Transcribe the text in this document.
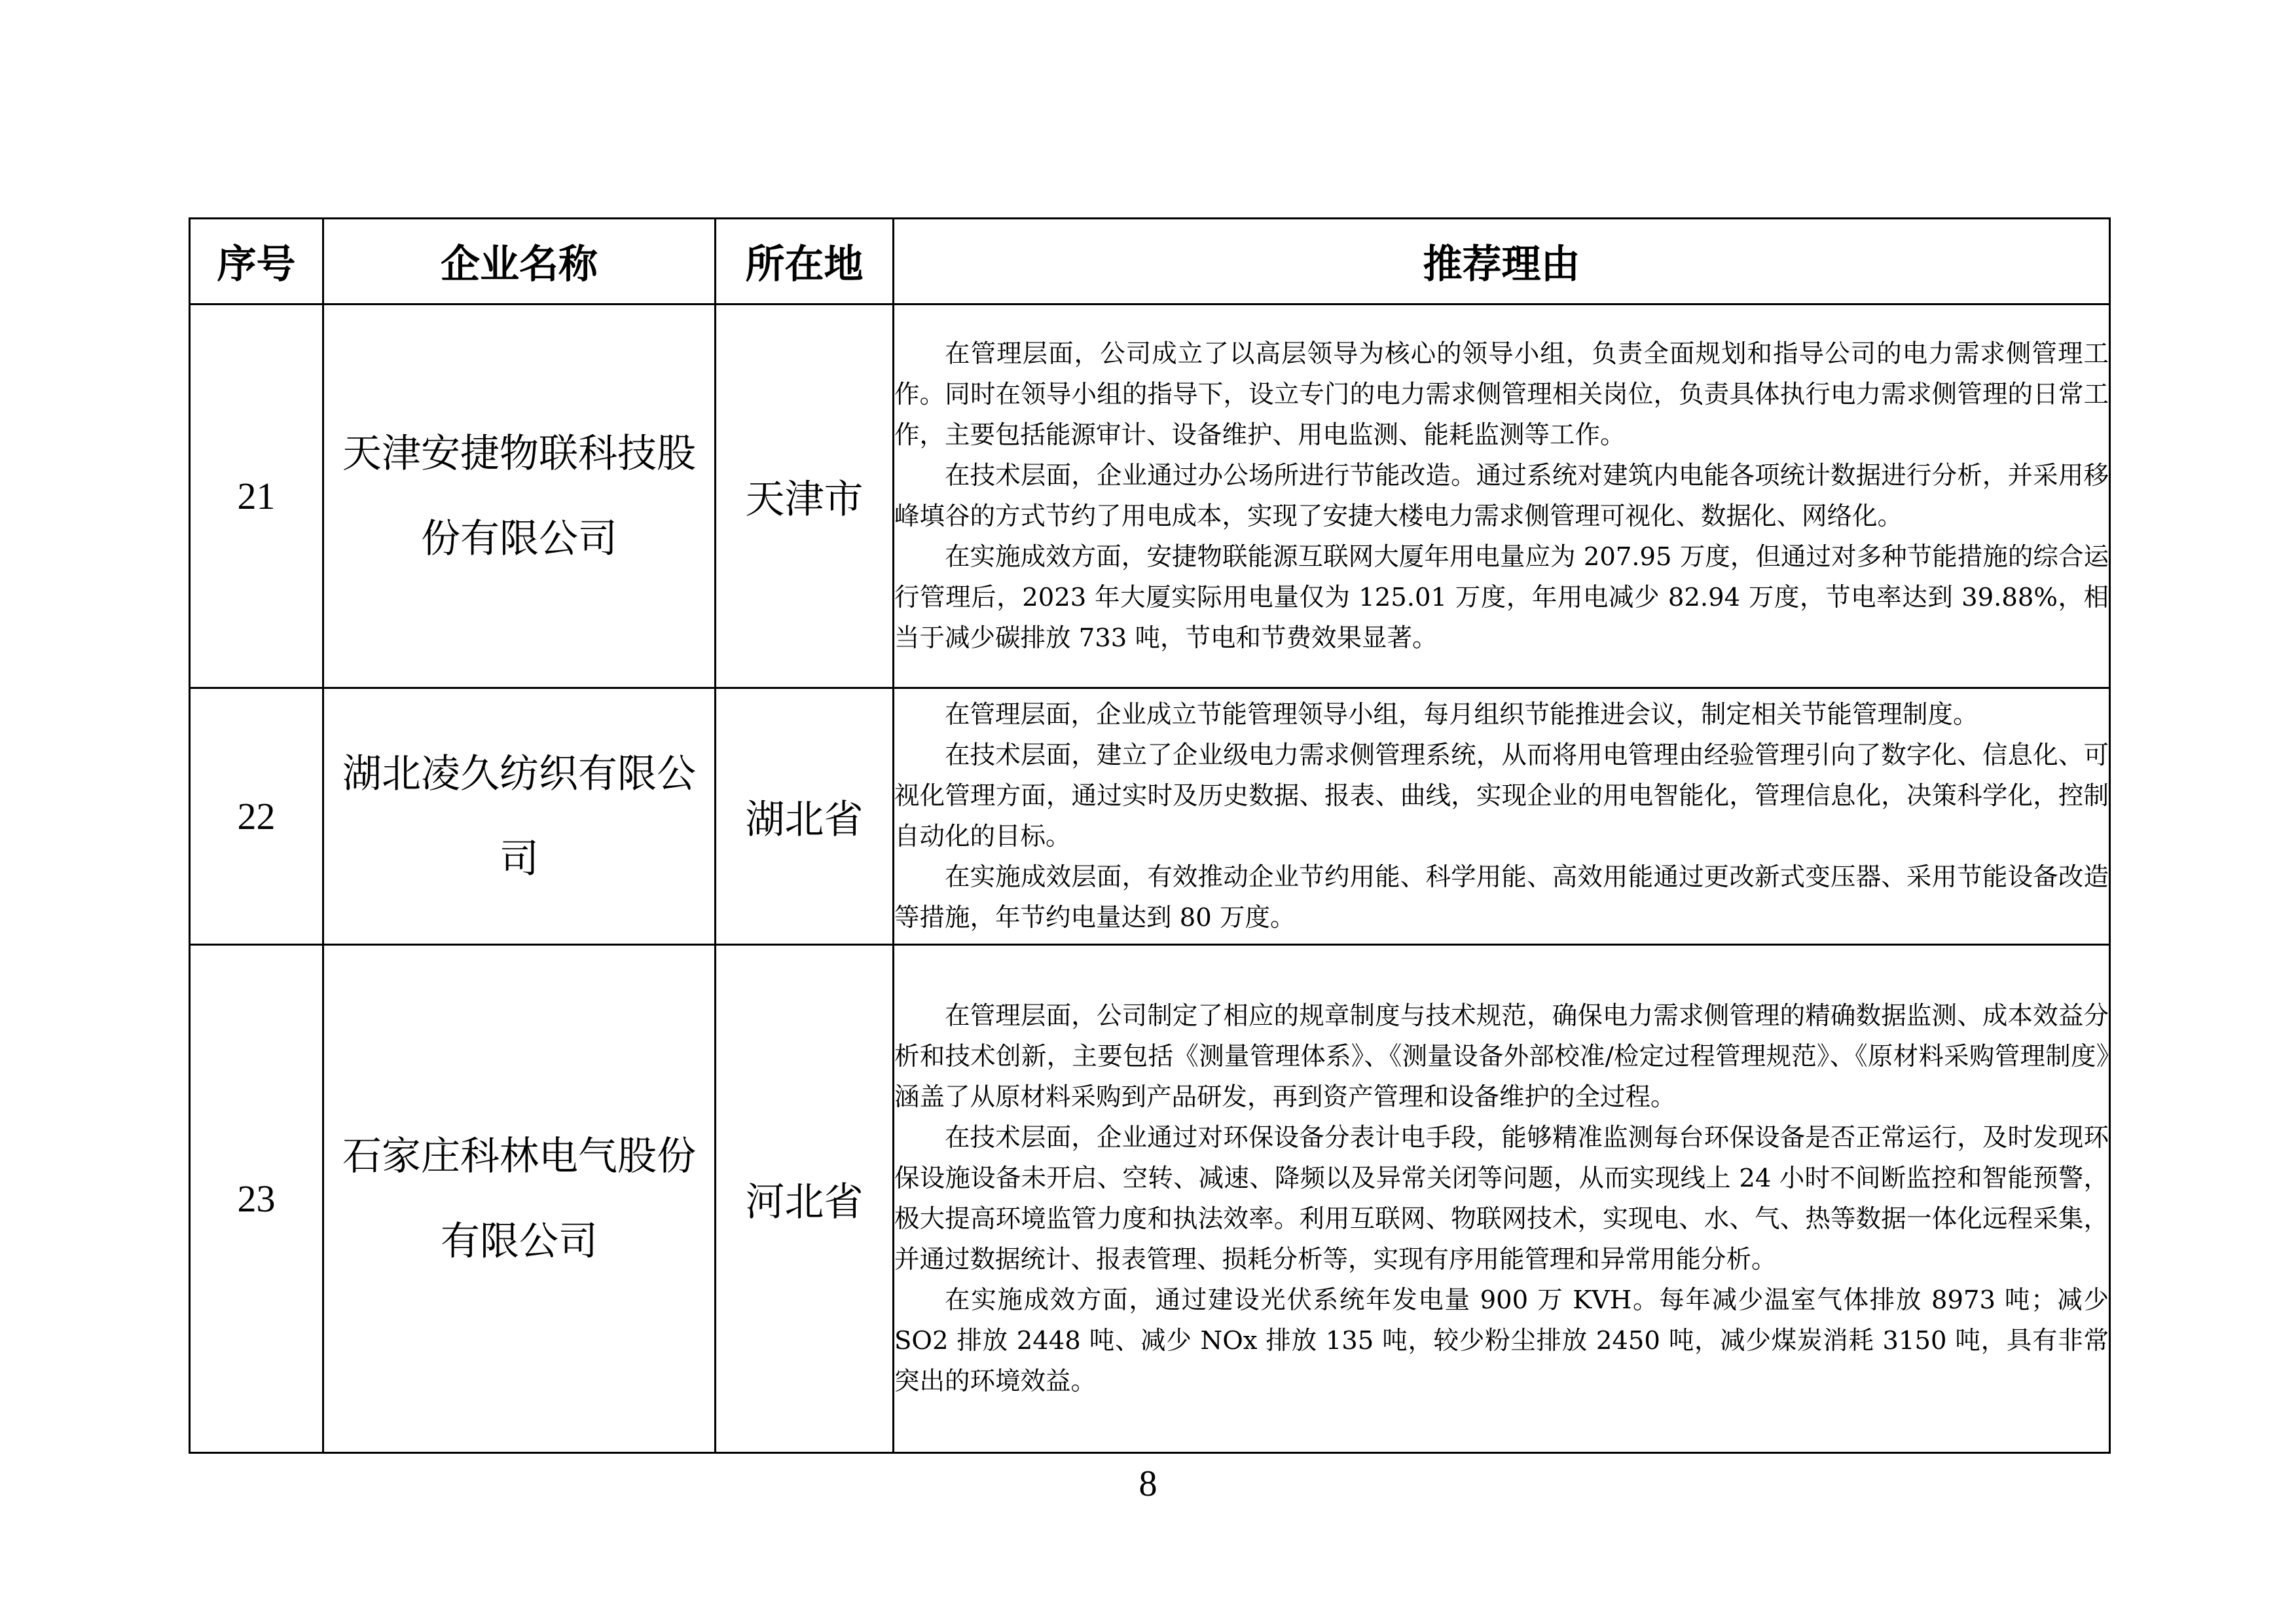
序号	企业名称	所在地	推荐理由
21	天津安捷物联科技股份有限公司	天津市	在管理层面，公司成立了以高层领导为核心的领导小组，负责全面规划和指导公司的电力需求侧管理工作。同时在领导小组的指导下，设立专门的电力需求侧管理相关岗位，负责具体执行电力需求侧管理的日常工作，主要包括能源审计、设备维护、用电监测、能耗监测等工作。

在技术层面，企业通过办公场所进行节能改造。通过系统对建筑内电能各项统计数据进行分析，并采用移峰填谷的方式节约了用电成本，实现了安捷大楼电力需求侧管理可视化、数据化、网络化。

在实施成效方面，安捷物联能源互联网大厦年用电量应为 207.95 万度，但通过对多种节能措施的综合运行管理后，2023 年大厦实际用电量仅为 125.01 万度，年用电减少 82.94 万度，节电率达到 39.88%，相当于减少碳排放 733 吨，节电和节费效果显著。

22	湖北凌久纺织有限公司	湖北省	在管理层面，企业成立节能管理领导小组，每月组织节能推进会议，制定相关节能管理制度。

在技术层面，建立了企业级电力需求侧管理系统，从而将用电管理由经验管理引向了数字化、信息化、可视化管理方面，通过实时及历史数据、报表、曲线，实现企业的用电智能化，管理信息化，决策科学化，控制自动化的目标。

在实施成效层面，有效推动企业节约用能、科学用能、高效用能通过更改新式变压器、采用节能设备改造等措施，年节约电量达到 80 万度。

23	石家庄科林电气股份有限公司	河北省	在管理层面，公司制定了相应的规章制度与技术规范，确保电力需求侧管理的精确数据监测、成本效益分析和技术创新，主要包括《测量管理体系》、《测量设备外部校准/检定过程管理规范》、《原材料采购管理制度》涵盖了从原材料采购到产品研发，再到资产管理和设备维护的全过程。

在技术层面，企业通过对环保设备分表计电手段，能够精准监测每台环保设备是否正常运行，及时发现环保设施设备未开启、空转、减速、降频以及异常关闭等问题，从而实现线上 24 小时不间断监控和智能预警，极大提高环境监管力度和执法效率。利用互联网、物联网技术，实现电、水、气、热等数据一体化远程采集，并通过数据统计、报表管理、损耗分析等，实现有序用能管理和异常用能分析。

在实施成效方面，通过建设光伏系统年发电量 900 万 KVH。每年减少温室气体排放 8973 吨；减少 SO2 排放 2448 吨、减少 NOx 排放 135 吨，较少粉尘排放 2450 吨，减少煤炭消耗 3150 吨，具有非常突出的环境效益。

8
